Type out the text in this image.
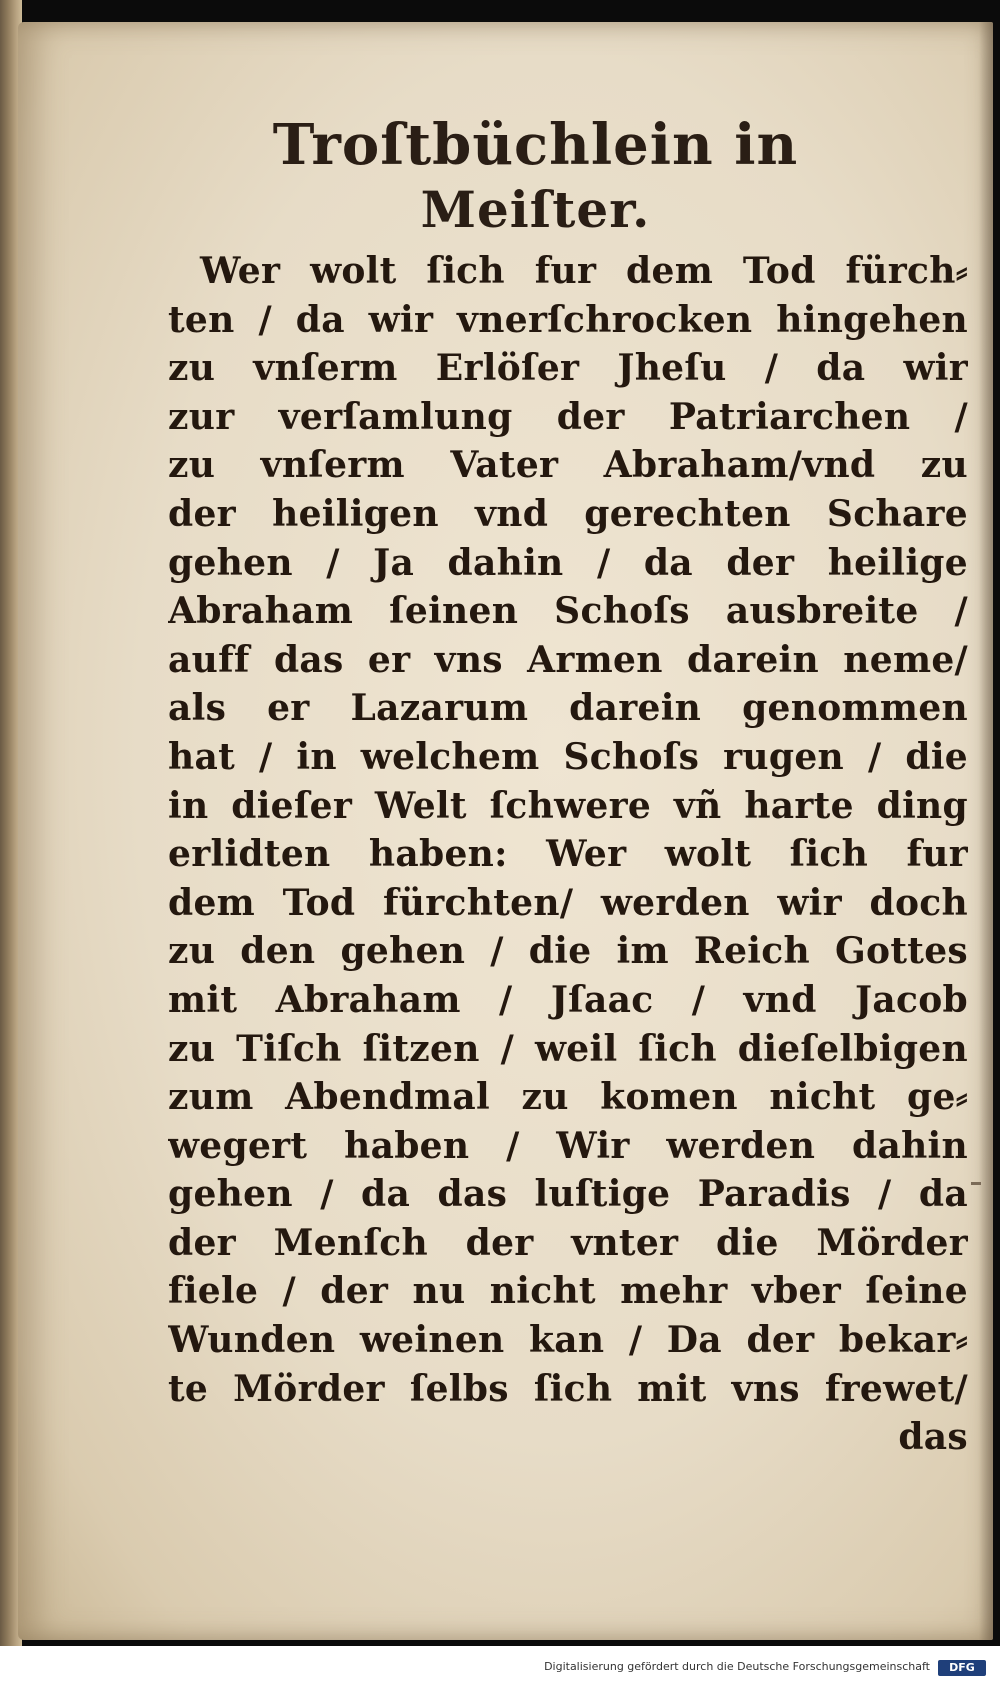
Troſtbüchlein in
Meiſter.
Wer wolt ſich fur dem Tod fürch⸗
ten / da wir vnerſchrocken hingehen
zu vnſerm Erlöſer Jheſu / da wir
zur verſamlung der Patriarchen /
zu vnſerm Vater Abraham/vnd zu
der heiligen vnd gerechten Schare
gehen / Ja dahin / da der heilige
Abraham ſeinen Schoſs ausbreite /
auff das er vns Armen darein neme/
als er Lazarum darein genommen
hat / in welchem Schoſs rugen / die
in dieſer Welt ſchwere vñ harte ding
erlidten haben: Wer wolt ſich fur
dem Tod fürchten/ werden wir doch
zu den gehen / die im Reich Gottes
mit Abraham / Jſaac / vnd Jacob
zu Tiſch ſitzen / weil ſich dieſelbigen
zum Abendmal zu komen nicht ge⸗
wegert haben / Wir werden dahin
gehen / da das luſtige Paradis / da
der Menſch der vnter die Mörder
fiele / der nu nicht mehr vber ſeine
Wunden weinen kan / Da der bekar⸗
te Mörder ſelbs ſich mit vns frewet/
das
Digitalisierung gefördert durch die Deutsche Forschungsgemeinschaft	DFG
